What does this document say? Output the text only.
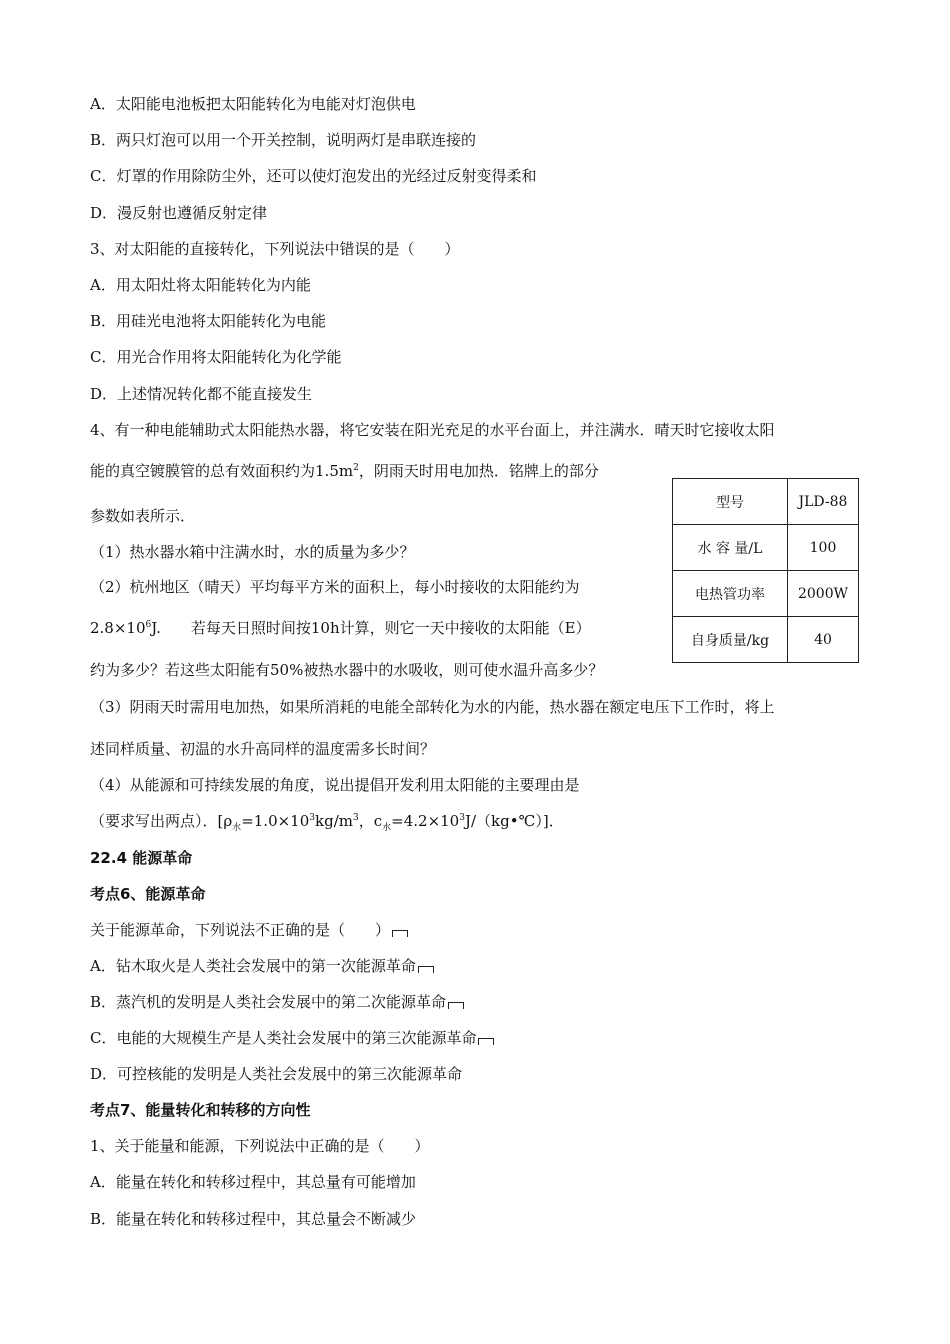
A．太阳能电池板把太阳能转化为电能对灯泡供电
B．两只灯泡可以用一个开关控制，说明两灯是串联连接的
C．灯罩的作用除防尘外，还可以使灯泡发出的光经过反射变得柔和
D．漫反射也遵循反射定律
3、对太阳能的直接转化，下列说法中错误的是（　　）
A．用太阳灶将太阳能转化为内能
B．用硅光电池将太阳能转化为电能
C．用光合作用将太阳能转化为化学能
D．上述情况转化都不能直接发生
4、有一种电能辅助式太阳能热水器，将它安装在阳光充足的水平台面上，并注满水．晴天时它接收太阳
能的真空镀膜管的总有效面积约为$1.5m^2$，阴雨天时用电加热．铭牌上的部分
参数如表所示．
（1）热水器水箱中注满水时，水的质量为多少？
（2）杭州地区（晴天）平均每平方米的面积上，每小时接收的太阳能约为
$2.8\times 10^6J$.　　若每天日照时间按10h计算，则它一天中接收的太阳能（E）
约为多少？若这些太阳能有50%被热水器中的水吸收，则可使水温升高多少？
（3）阴雨天时需用电加热，如果所消耗的电能全部转化为水的内能，热水器在额定电压下工作时，将上
述同样质量、初温的水升高同样的温度需多长时间？
（4）从能源和可持续发展的角度，说出提倡开发利用太阳能的主要理由是
（要求写出两点）．[$\rho_水=1.0\times 10^3kg/m^3$，$c_水=4.2\times 10^3J/(kg•℃)$]．
型号	JLD-88
水 容 量/L	100
电热管功率	2000W
自身质量/kg	40
22.4 能源革命
考点6、能源革命
关于能源革命，下列说法不正确的是（　　）
A．钻木取火是人类社会发展中的第一次能源革命
B．蒸汽机的发明是人类社会发展中的第二次能源革命
C．电能的大规模生产是人类社会发展中的第三次能源革命
D．可控核能的发明是人类社会发展中的第三次能源革命
考点7、能量转化和转移的方向性
1、关于能量和能源，下列说法中正确的是（　　）
A．能量在转化和转移过程中，其总量有可能增加
B．能量在转化和转移过程中，其总量会不断减少
